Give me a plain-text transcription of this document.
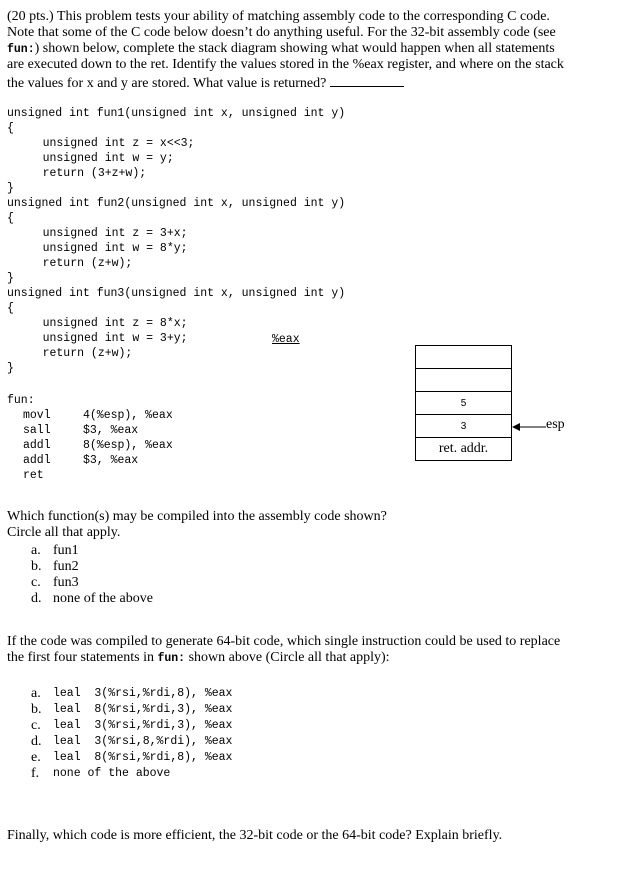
(20 pts.) This problem tests your ability of matching assembly code to the corresponding C code.
Note that some of the C code below doesn’t do anything useful. For the 32-bit assembly code (see
fun:) shown below, complete the stack diagram showing what would happen when all statements
are executed down to the ret. Identify the values stored in the %eax register, and where on the stack
the values for x and y are stored. What value is returned?
unsigned int fun1(unsigned int x, unsigned int y)
{
unsigned int z = x<<3;
unsigned int w = y;
return (3+z+w);
}
unsigned int fun2(unsigned int x, unsigned int y)
{
unsigned int z = 3+x;
unsigned int w = 8*y;
return (z+w);
}
unsigned int fun3(unsigned int x, unsigned int y)
{
unsigned int z = 8*x;
unsigned int w = 3+y;
return (z+w);
}
%eax
fun:
movl	4(%esp), %eax
sall	$3, %eax
addl	8(%esp), %eax
addl	$3, %eax
ret
5
3
ret. addr.
esp
Which function(s) may be compiled into the assembly code shown?
Circle all that apply.
a. fun1
b. fun2
c. fun3
d. none of the above
If the code was compiled to generate 64-bit code, which single instruction could be used to replace
the first four statements in fun: shown above (Circle all that apply):
a.	leal  3(%rsi,%rdi,8), %eax
b.	leal  8(%rsi,%rdi,3), %eax
c.	leal  3(%rsi,%rdi,3), %eax
d.	leal  3(%rsi,8,%rdi), %eax
e.	leal  8(%rsi,%rdi,8), %eax
f.	none of the above
Finally, which code is more efficient, the 32-bit code or the 64-bit code? Explain briefly.
